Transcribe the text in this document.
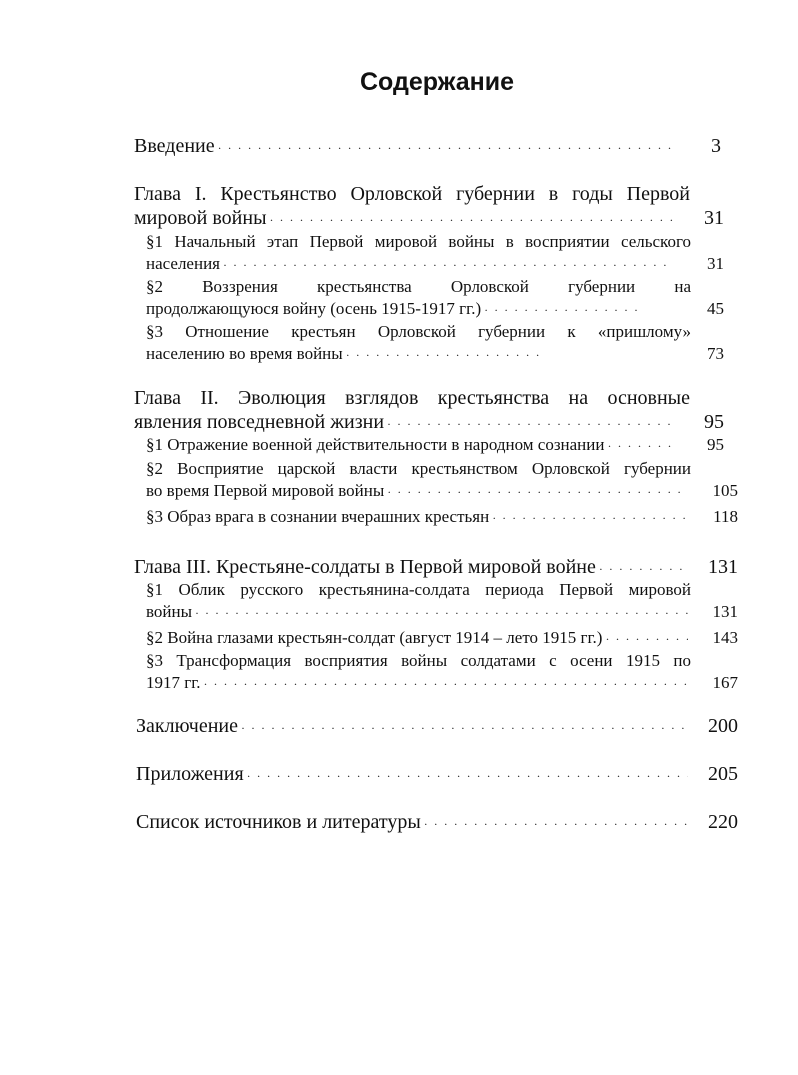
Содержание
Введение · · ·	3
Глава I. Крестьянство Орловской губернии в годы Первой
мировой войны · · ·	31
§1 Начальный этап Первой мировой войны в восприятии сельского
населения · · ·	31
§2 Воззрения крестьянства Орловской губернии на
продолжающуюся войну (осень 1915-1917 гг.) · · ·	45
§3 Отношение крестьян Орловской губернии к «пришлому»
населению во время войны · · ·	73
Глава II. Эволюция взглядов крестьянства на основные
явления повседневной жизни · · ·	95
§1 Отражение военной действительности в народном сознании · · ·	95
§2 Восприятие царской власти крестьянством Орловской губернии
во время Первой мировой войны · · ·	105
§3 Образ врага в сознании вчерашних крестьян · · ·	118
Глава III. Крестьяне-солдаты в Первой мировой войне · · ·	131
§1 Облик русского крестьянина-солдата периода Первой мировой
войны · · ·	131
§2 Война глазами крестьян-солдат (август 1914 – лето 1915 гг.) · · ·	143
§3 Трансформация восприятия войны солдатами с осени 1915 по
1917 гг. · · ·	167
Заключение · · ·	200
Приложения · · ·	205
Список источников и литературы · · ·	220
